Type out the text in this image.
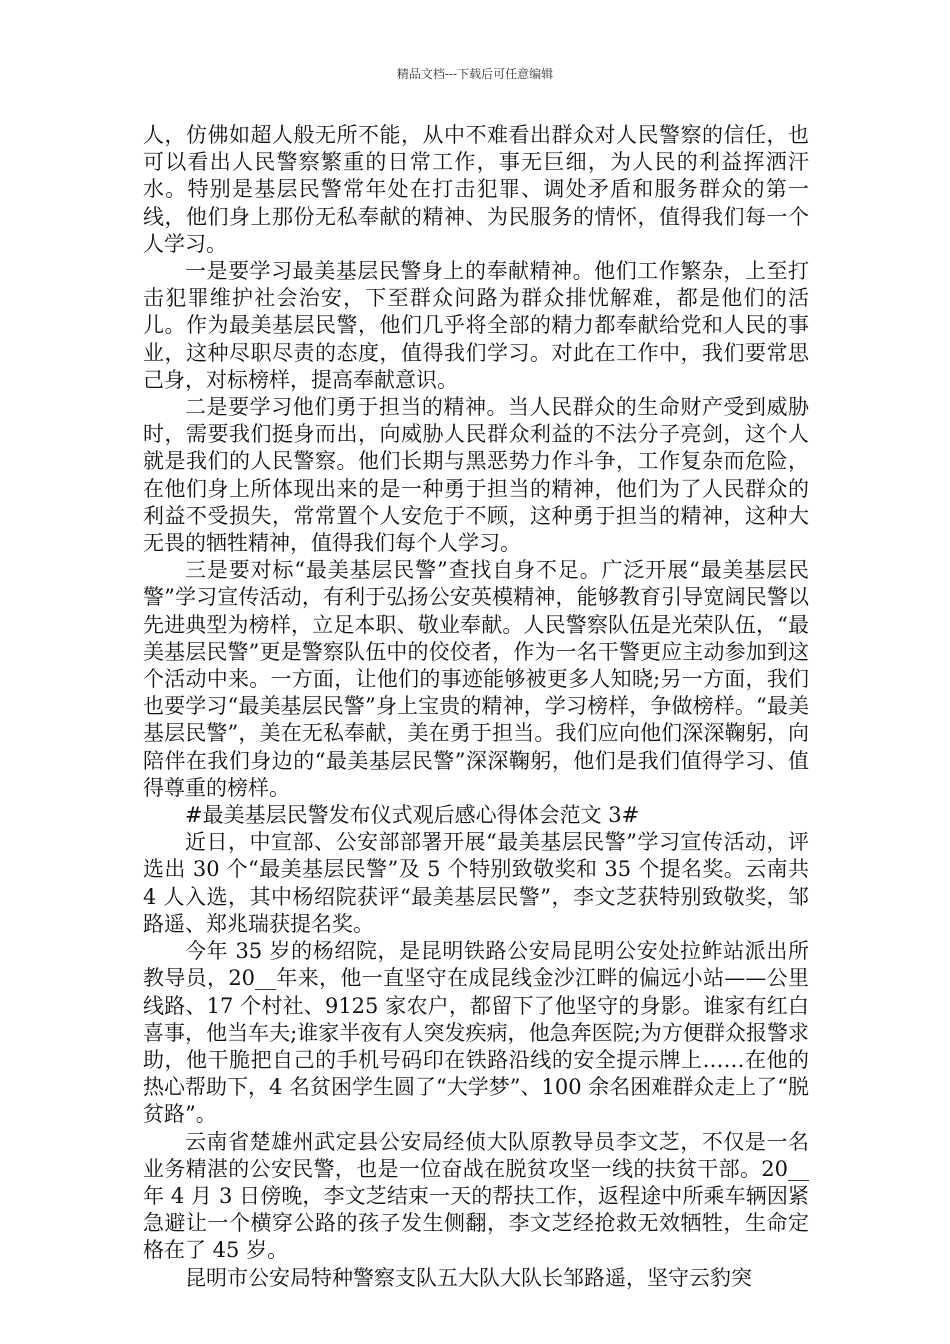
精品文档---下载后可任意编辑

人，仿佛如超人般无所不能，从中不难看出群众对人民警察的信任，也可以看出人民警察繁重的日常工作，事无巨细，为人民的利益挥洒汗水。特别是基层民警常年处在打击犯罪、调处矛盾和服务群众的第一线，他们身上那份无私奉献的精神、为民服务的情怀，值得我们每一个人学习。

一是要学习最美基层民警身上的奉献精神。他们工作繁杂，上至打击犯罪维护社会治安，下至群众问路为群众排忧解难，都是他们的活儿。作为最美基层民警，他们几乎将全部的精力都奉献给党和人民的事业，这种尽职尽责的态度，值得我们学习。对此在工作中，我们要常思己身，对标榜样，提高奉献意识。

二是要学习他们勇于担当的精神。当人民群众的生命财产受到威胁时，需要我们挺身而出，向威胁人民群众利益的不法分子亮剑，这个人就是我们的人民警察。他们长期与黑恶势力作斗争，工作复杂而危险，在他们身上所体现出来的是一种勇于担当的精神，他们为了人民群众的利益不受损失，常常置个人安危于不顾，这种勇于担当的精神，这种大无畏的牺牲精神，值得我们每个人学习。

三是要对标“最美基层民警”查找自身不足。广泛开展“最美基层民警”学习宣传活动，有利于弘扬公安英模精神，能够教育引导宽阔民警以先进典型为榜样，立足本职、敬业奉献。人民警察队伍是光荣队伍，“最美基层民警”更是警察队伍中的佼佼者，作为一名干警更应主动参加到这个活动中来。一方面，让他们的事迹能够被更多人知晓;另一方面，我们也要学习“最美基层民警”身上宝贵的精神，学习榜样，争做榜样。“最美基层民警”，美在无私奉献，美在勇于担当。我们应向他们深深鞠躬，向陪伴在我们身边的“最美基层民警”深深鞠躬，他们是我们值得学习、值得尊重的榜样。

#最美基层民警发布仪式观后感心得体会范文 3#

近日，中宣部、公安部部署开展“最美基层民警”学习宣传活动，评选出 30 个“最美基层民警”及 5 个特别致敬奖和 35 个提名奖。云南共 4 人入选，其中杨绍院获评“最美基层民警”，李文芝获特别致敬奖，邹路遥、郑兆瑞获提名奖。

今年 35 岁的杨绍院，是昆明铁路公安局昆明公安处拉鲊站派出所教导员，20__年来，他一直坚守在成昆线金沙江畔的偏远小站——公里线路、17 个村社、9125 家农户，都留下了他坚守的身影。谁家有红白喜事，他当车夫;谁家半夜有人突发疾病，他急奔医院;为方便群众报警求助，他干脆把自己的手机号码印在铁路沿线的安全提示牌上……在他的热心帮助下，4 名贫困学生圆了“大学梦”、100 余名困难群众走上了“脱贫路”。

云南省楚雄州武定县公安局经侦大队原教导员李文芝，不仅是一名业务精湛的公安民警，也是一位奋战在脱贫攻坚一线的扶贫干部。20__年 4 月 3 日傍晚，李文芝结束一天的帮扶工作，返程途中所乘车辆因紧急避让一个横穿公路的孩子发生侧翻，李文芝经抢救无效牺牲，生命定格在了 45 岁。

昆明市公安局特种警察支队五大队大队长邹路遥，坚守云豹突
